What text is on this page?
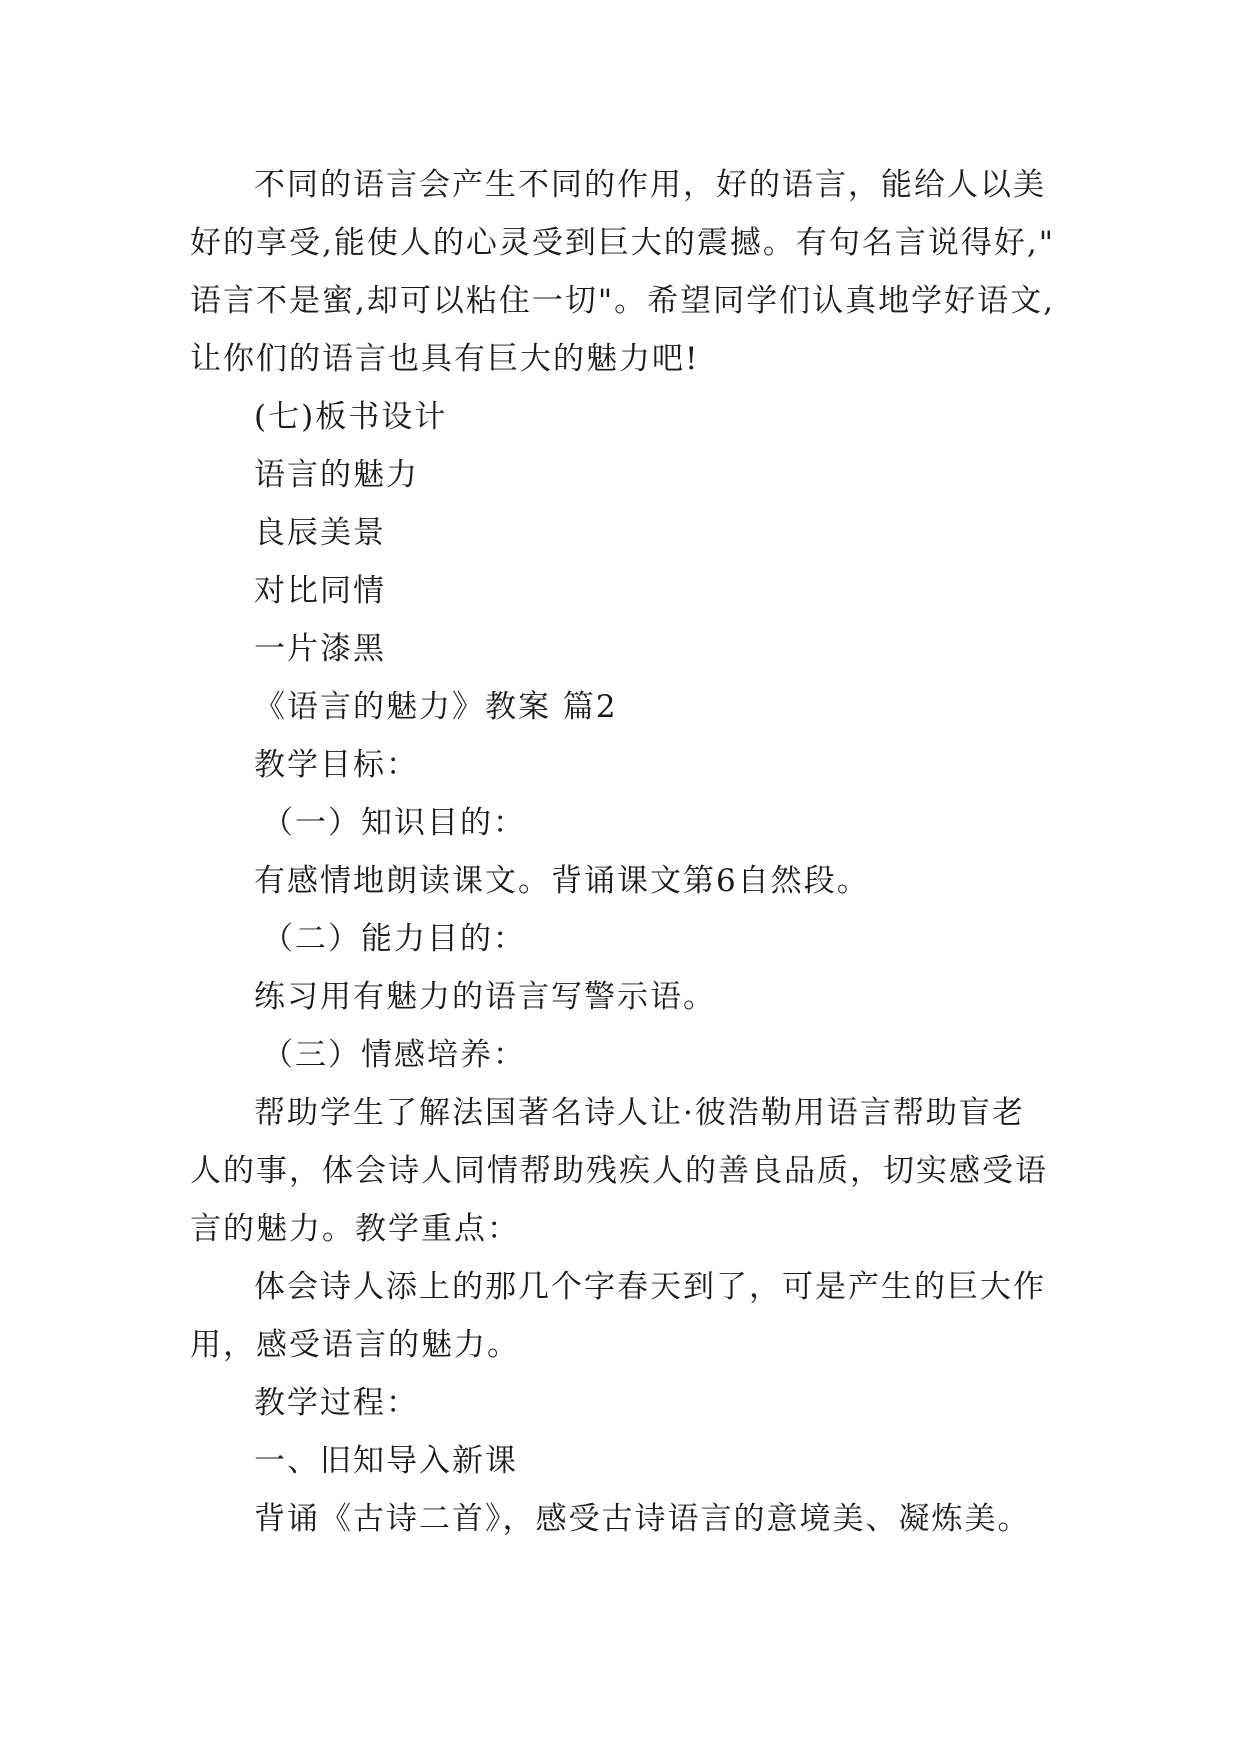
不同的语言会产生不同的作用，好的语言，能给人以美

好的享受,能使人的心灵受到巨大的震撼。有句名言说得好,"

语言不是蜜,却可以粘住一切"。希望同学们认真地学好语文,

让你们的语言也具有巨大的魅力吧!

(七)板书设计

语言的魅力

良辰美景

对比同情

一片漆黑

《语言的魅力》教案 篇2

教学目标：

（一）知识目的：

有感情地朗读课文。背诵课文第6自然段。

（二）能力目的：

练习用有魅力的语言写警示语。

（三）情感培养：

帮助学生了解法国著名诗人让·彼浩勒用语言帮助盲老

人的事，体会诗人同情帮助残疾人的善良品质，切实感受语

言的魅力。教学重点：

体会诗人添上的那几个字春天到了，可是产生的巨大作

用，感受语言的魅力。

教学过程：

一、旧知导入新课

背诵《古诗二首》，感受古诗语言的意境美、凝炼美。
